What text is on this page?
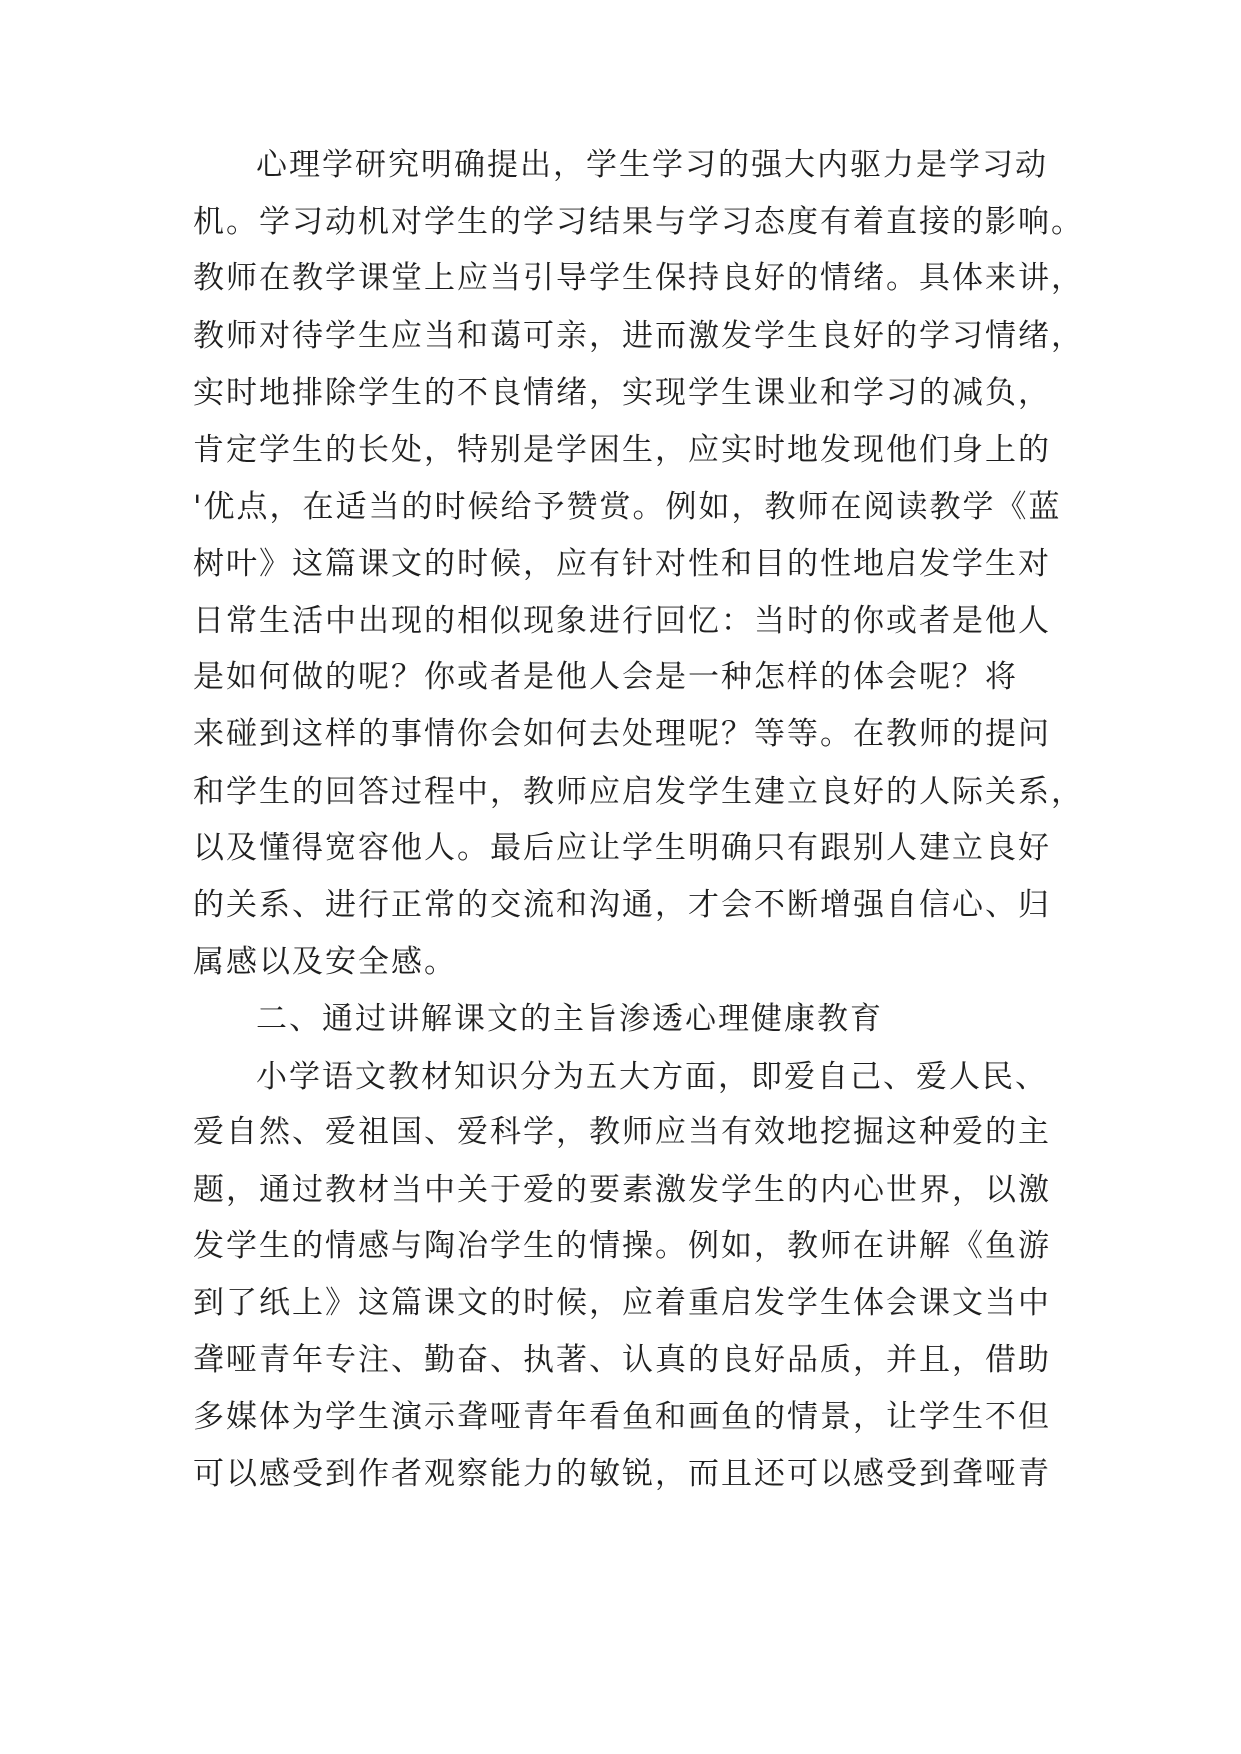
心理学研究明确提出，学生学习的强大内驱力是学习动
机。学习动机对学生的学习结果与学习态度有着直接的影响。
教师在教学课堂上应当引导学生保持良好的情绪。具体来讲，
教师对待学生应当和蔼可亲，进而激发学生良好的学习情绪，
实时地排除学生的不良情绪，实现学生课业和学习的减负，
肯定学生的长处，特别是学困生，应实时地发现他们身上的
'优点，在适当的时候给予赞赏。例如，教师在阅读教学《蓝
树叶》这篇课文的时候，应有针对性和目的性地启发学生对
日常生活中出现的相似现象进行回忆：当时的你或者是他人
是如何做的呢？你或者是他人会是一种怎样的体会呢？将
来碰到这样的事情你会如何去处理呢？等等。在教师的提问
和学生的回答过程中，教师应启发学生建立良好的人际关系，
以及懂得宽容他人。最后应让学生明确只有跟别人建立良好
的关系、进行正常的交流和沟通，才会不断增强自信心、归
属感以及安全感。
二、通过讲解课文的主旨渗透心理健康教育
小学语文教材知识分为五大方面，即爱自己、爱人民、
爱自然、爱祖国、爱科学，教师应当有效地挖掘这种爱的主
题，通过教材当中关于爱的要素激发学生的内心世界，以激
发学生的情感与陶冶学生的情操。例如，教师在讲解《鱼游
到了纸上》这篇课文的时候，应着重启发学生体会课文当中
聋哑青年专注、勤奋、执著、认真的良好品质，并且，借助
多媒体为学生演示聋哑青年看鱼和画鱼的情景，让学生不但
可以感受到作者观察能力的敏锐，而且还可以感受到聋哑青
